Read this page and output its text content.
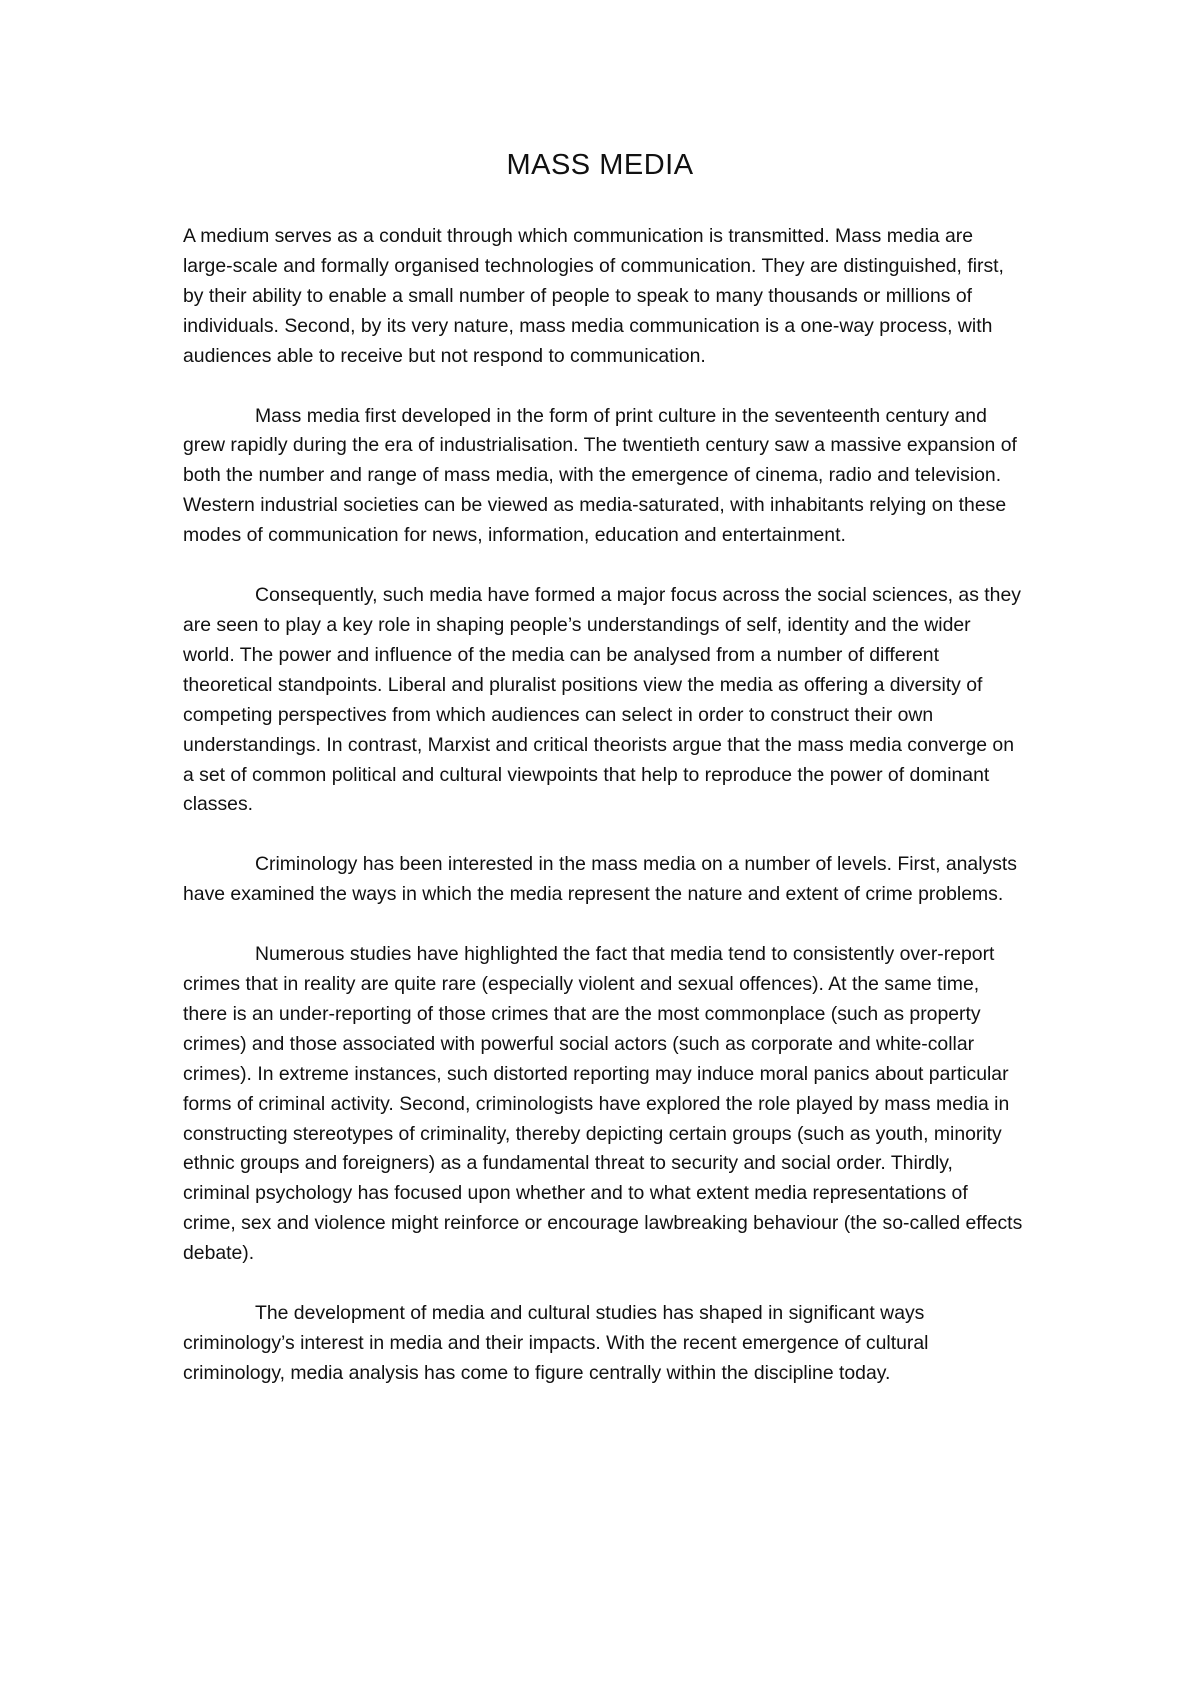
MASS MEDIA

A medium serves as a conduit through which communication is transmitted. Mass media are large-scale and formally organised technologies of communication. They are distinguished, first, by their ability to enable a small number of people to speak to many thousands or millions of individuals. Second, by its very nature, mass media communication is a one-way process, with audiences able to receive but not respond to communication.

Mass media first developed in the form of print culture in the seventeenth century and grew rapidly during the era of industrialisation. The twentieth century saw a massive expansion of both the number and range of mass media, with the emergence of cinema, radio and television. Western industrial societies can be viewed as media-saturated, with inhabitants relying on these modes of communication for news, information, education and entertainment.

Consequently, such media have formed a major focus across the social sciences, as they are seen to play a key role in shaping people’s understandings of self, identity and the wider world. The power and influence of the media can be analysed from a number of different theoretical standpoints. Liberal and pluralist positions view the media as offering a diversity of competing perspectives from which audiences can select in order to construct their own understandings. In contrast, Marxist and critical theorists argue that the mass media converge on a set of common political and cultural viewpoints that help to reproduce the power of dominant classes.

Criminology has been interested in the mass media on a number of levels. First, analysts have examined the ways in which the media represent the nature and extent of crime problems.

Numerous studies have highlighted the fact that media tend to consistently over-report crimes that in reality are quite rare (especially violent and sexual offences). At the same time, there is an under-reporting of those crimes that are the most commonplace (such as property crimes) and those associated with powerful social actors (such as corporate and white-collar crimes). In extreme instances, such distorted reporting may induce moral panics about particular forms of criminal activity. Second, criminologists have explored the role played by mass media in constructing stereotypes of criminality, thereby depicting certain groups (such as youth, minority ethnic groups and foreigners) as a fundamental threat to security and social order. Thirdly, criminal psychology has focused upon whether and to what extent media representations of crime, sex and violence might reinforce or encourage lawbreaking behaviour (the so-called effects debate).

The development of media and cultural studies has shaped in significant ways criminology’s interest in media and their impacts. With the recent emergence of cultural criminology, media analysis has come to figure centrally within the discipline today.
